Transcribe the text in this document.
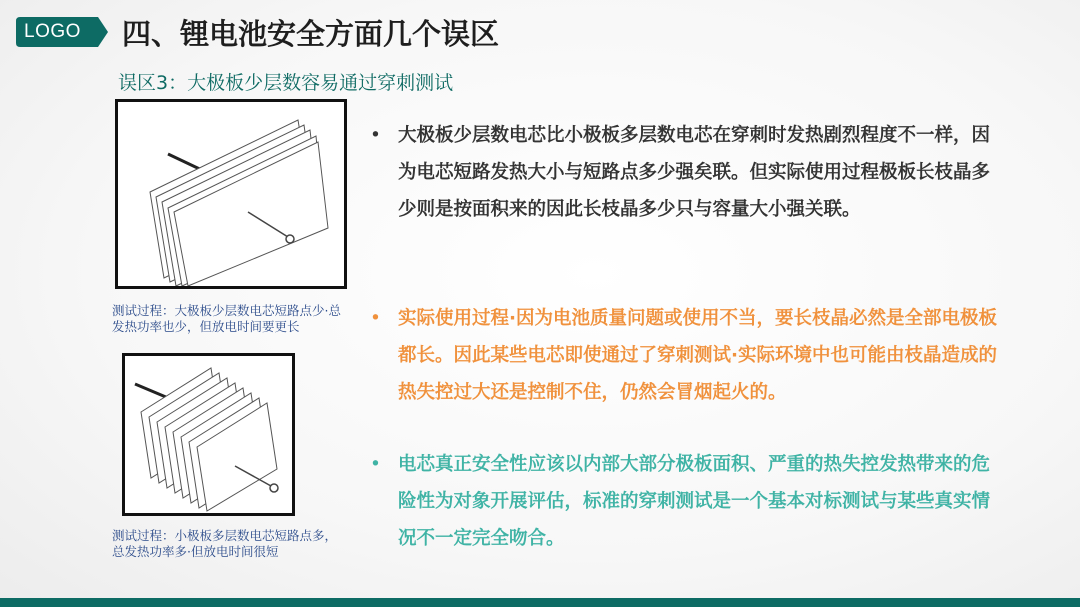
LOGO 四、锂电池安全方面几个误区
误区3：大极板少层数容易通过穿刺测试
测试过程：大极板少层数电芯短路点少·总发热功率也少，但放电时间要更长
测试过程：小极板多层数电芯短路点多，总发热功率多·但放电时间很短
• 大极板少层数电芯比小极板多层数电芯在穿刺时发热剧烈程度不一样，因为电芯短路发热大小与短路点多少强矣联。但实际使用过程极板长枝晶多少则是按面积来的因此长枝晶多少只与容量大小强关联。
• 实际使用过程·因为电池质量问题或使用不当，要长枝晶必然是全部电极板都长。因此某些电芯即使通过了穿刺测试·实际环境中也可能由枝晶造成的热失控过大还是控制不住，仍然会冒烟起火的。
• 电芯真正安全性应该以内部大部分极板面积、严重的热失控发热带来的危险性为对象开展评估，标准的穿刺测试是一个基本对标测试与某些真实情况不一定完全吻合。
